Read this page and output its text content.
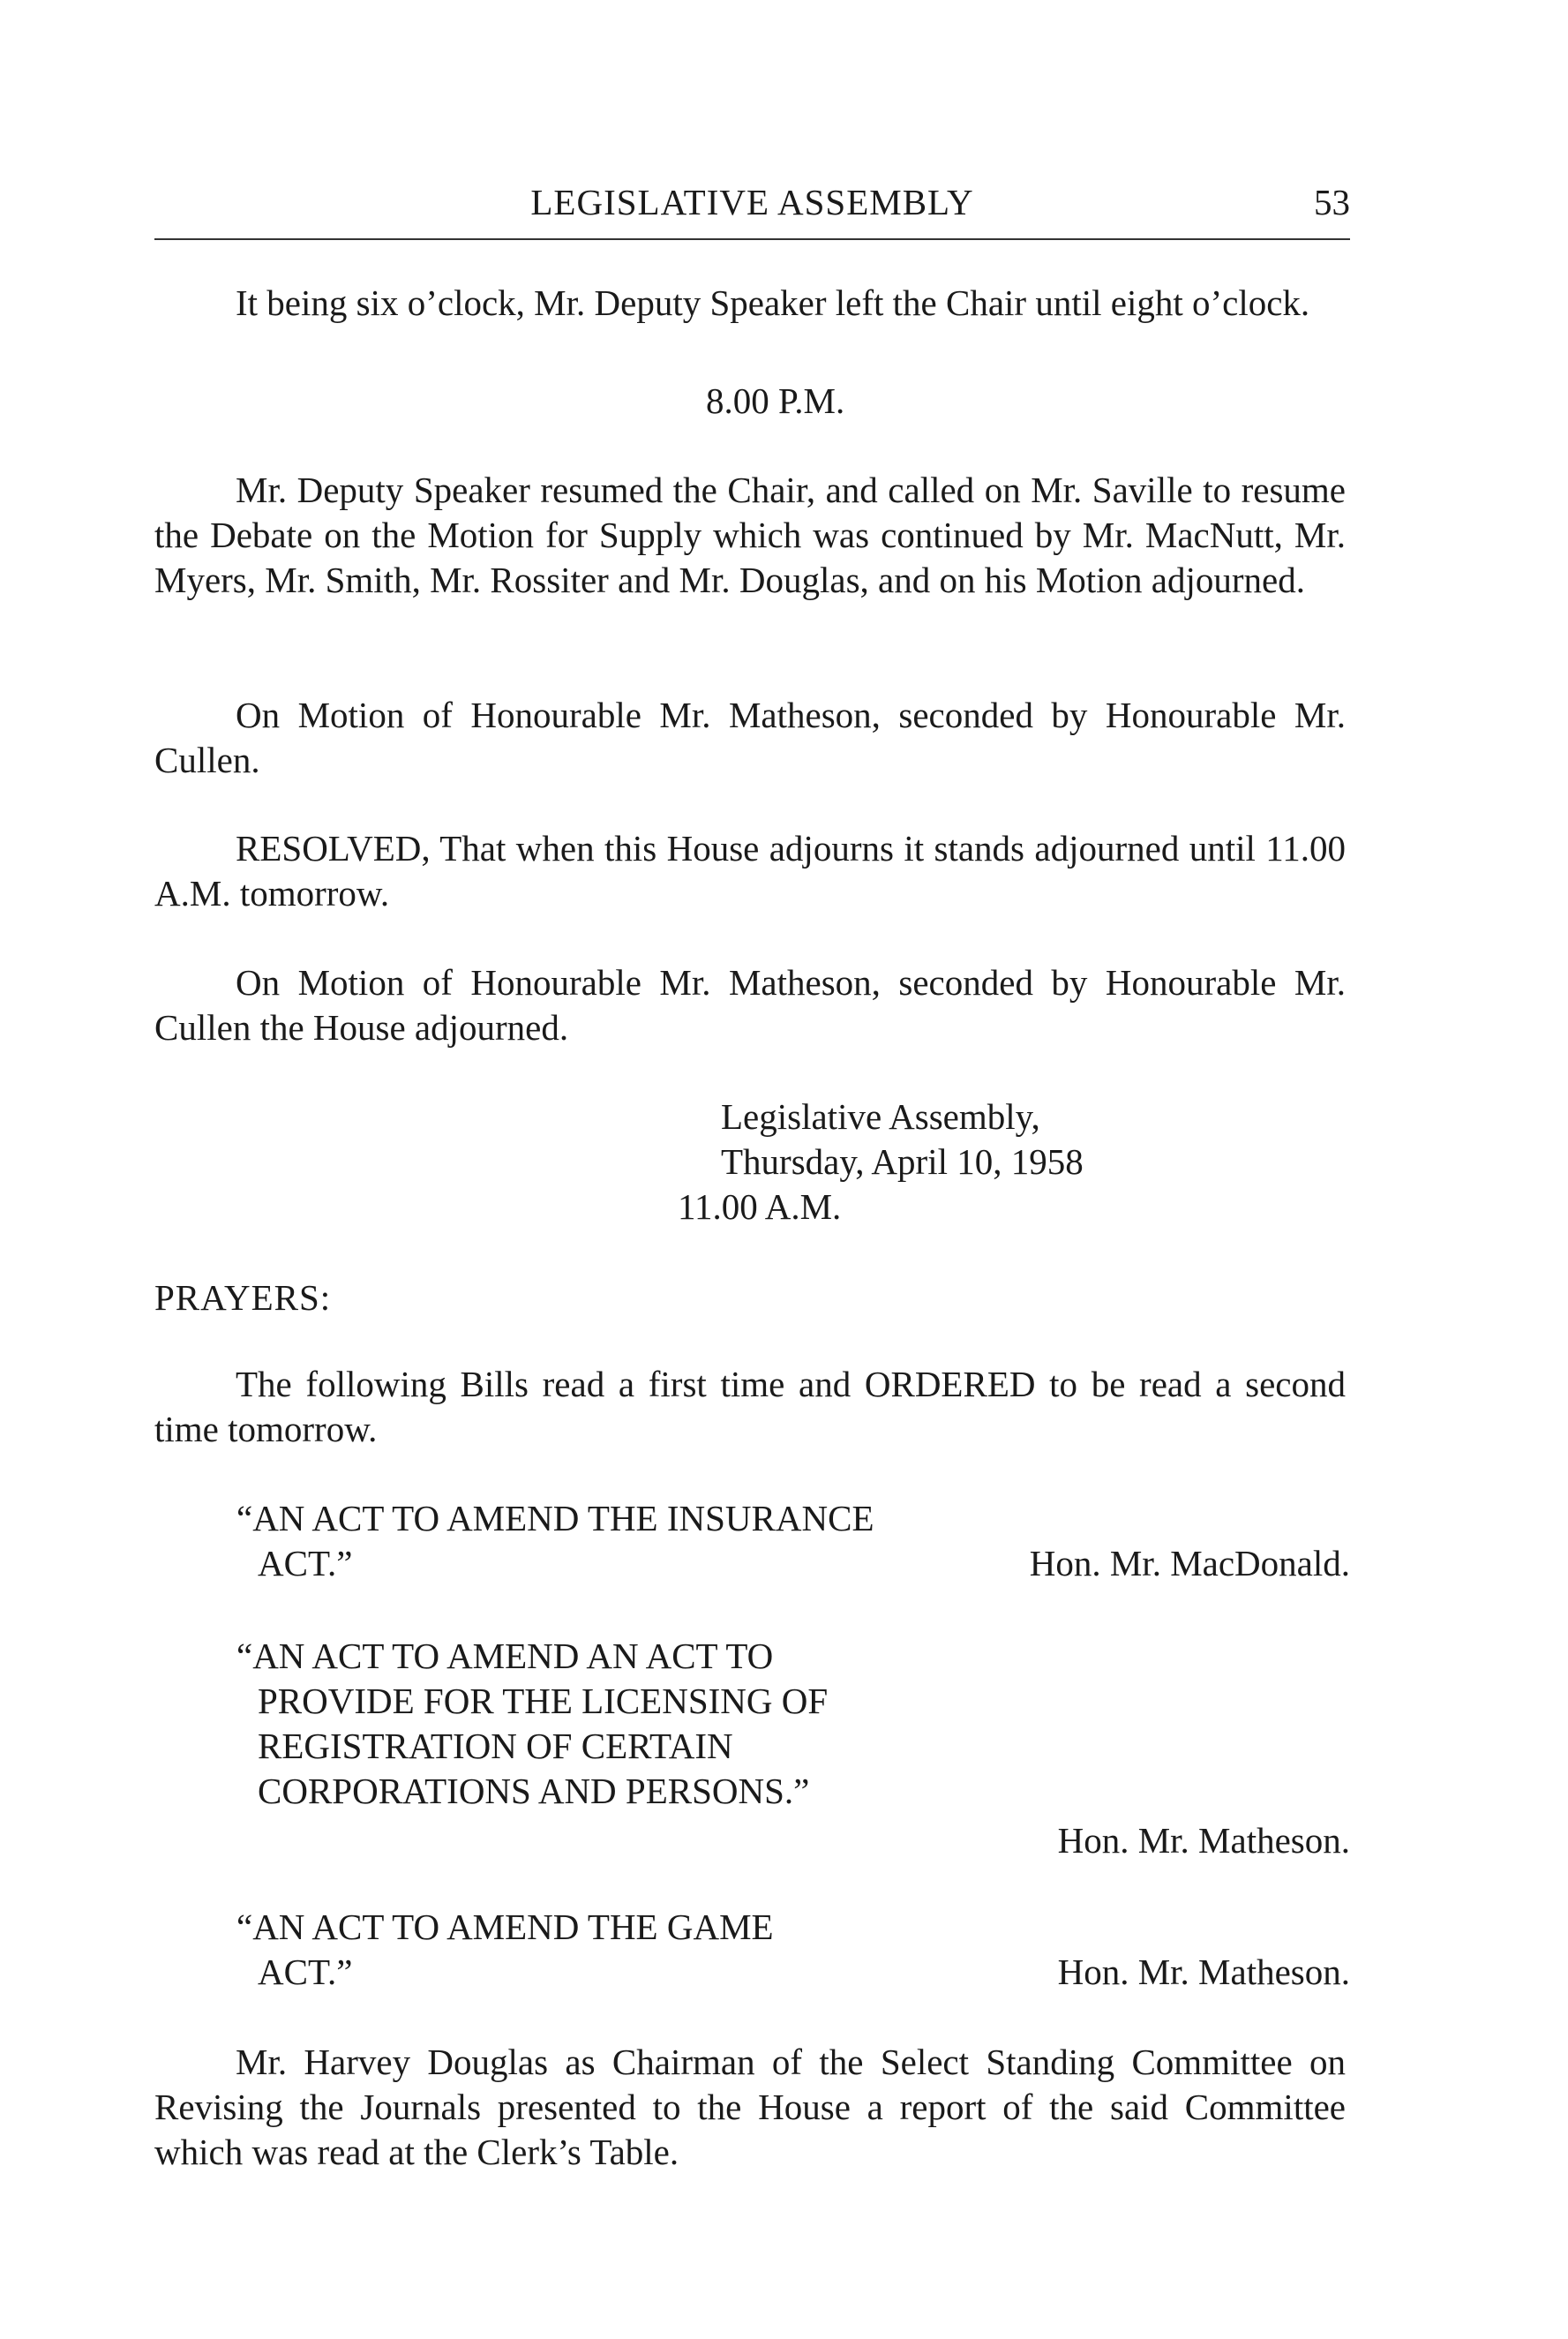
LEGISLATIVE ASSEMBLY	53
It being six o’clock, Mr. Deputy Speaker left the Chair until eight o’clock.
8.00 P.M.
Mr. Deputy Speaker resumed the Chair, and called on Mr. Saville to resume the Debate on the Motion for Supply which was continued by Mr. MacNutt, Mr. Myers, Mr. Smith, Mr. Rossiter and Mr. Douglas, and on his Motion adjourned.
On Motion of Honourable Mr. Matheson, seconded by Honourable Mr. Cullen.
RESOLVED, That when this House adjourns it stands adjourned until 11.00 A.M. tomorrow.
On Motion of Honourable Mr. Matheson, seconded by Honourable Mr. Cullen the House adjourned.
Legislative Assembly,
Thursday, April 10, 1958
11.00 A.M.
PRAYERS:
The following Bills read a first time and ORDERED to be read a second time tomorrow.
“AN ACT TO AMEND THE INSURANCE
ACT.”	Hon. Mr. MacDonald.
“AN ACT TO AMEND AN ACT TO
PROVIDE FOR THE LICENSING OF
REGISTRATION OF CERTAIN
CORPORATIONS AND PERSONS.”
Hon. Mr. Matheson.
“AN ACT TO AMEND THE GAME
ACT.”	Hon. Mr. Matheson.
Mr. Harvey Douglas as Chairman of the Select Standing Committee on Revising the Journals presented to the House a report of the said Committee which was read at the Clerk’s Table.
